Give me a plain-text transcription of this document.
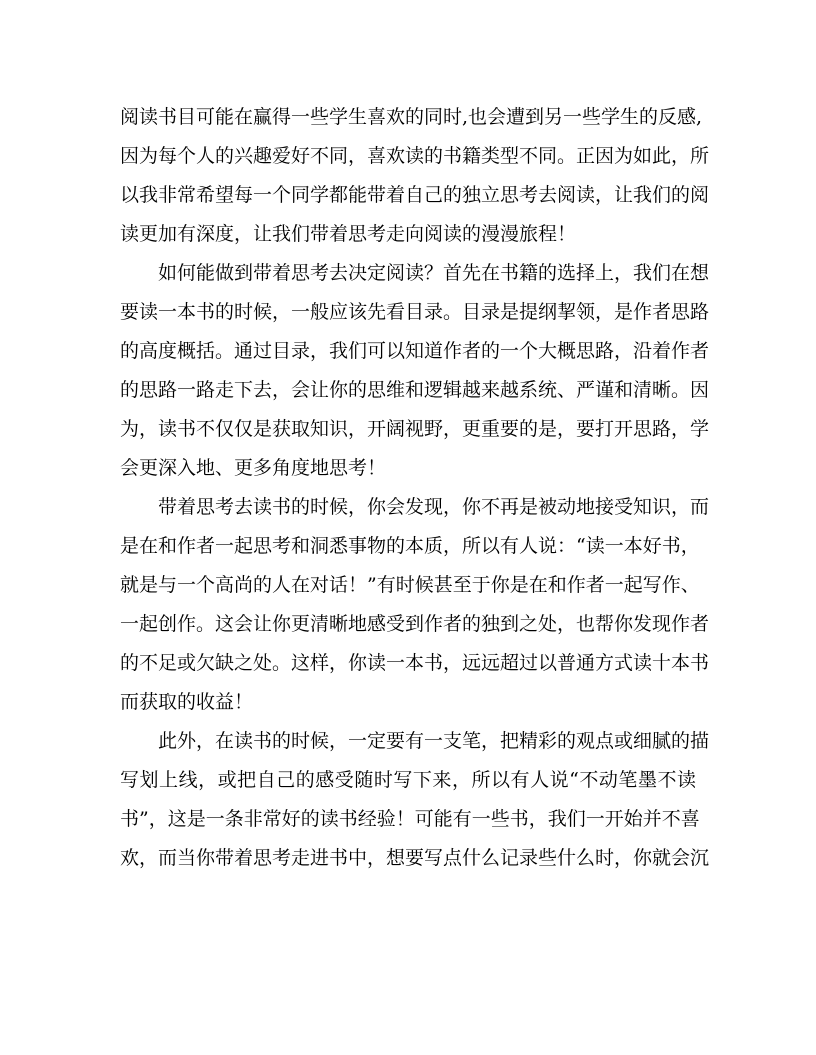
阅读书目可能在赢得一些学生喜欢的同时,也会遭到另一些学生的反感,
因为每个人的兴趣爱好不同，喜欢读的书籍类型不同。正因为如此，所
以我非常希望每一个同学都能带着自己的独立思考去阅读，让我们的阅
读更加有深度，让我们带着思考走向阅读的漫漫旅程！
如何能做到带着思考去决定阅读？首先在书籍的选择上，我们在想
要读一本书的时候，一般应该先看目录。目录是提纲挈领，是作者思路
的高度概括。通过目录，我们可以知道作者的一个大概思路，沿着作者
的思路一路走下去，会让你的思维和逻辑越来越系统、严谨和清晰。因
为，读书不仅仅是获取知识，开阔视野，更重要的是，要打开思路，学
会更深入地、更多角度地思考！
带着思考去读书的时候，你会发现，你不再是被动地接受知识，而
是在和作者一起思考和洞悉事物的本质，所以有人说：“读一本好书，
就是与一个高尚的人在对话！”有时候甚至于你是在和作者一起写作、
一起创作。这会让你更清晰地感受到作者的独到之处，也帮你发现作者
的不足或欠缺之处。这样，你读一本书，远远超过以普通方式读十本书
而获取的收益！
此外，在读书的时候，一定要有一支笔，把精彩的观点或细腻的描
写划上线，或把自己的感受随时写下来，所以有人说“不动笔墨不读
书”，这是一条非常好的读书经验！可能有一些书，我们一开始并不喜
欢，而当你带着思考走进书中，想要写点什么记录些什么时，你就会沉
